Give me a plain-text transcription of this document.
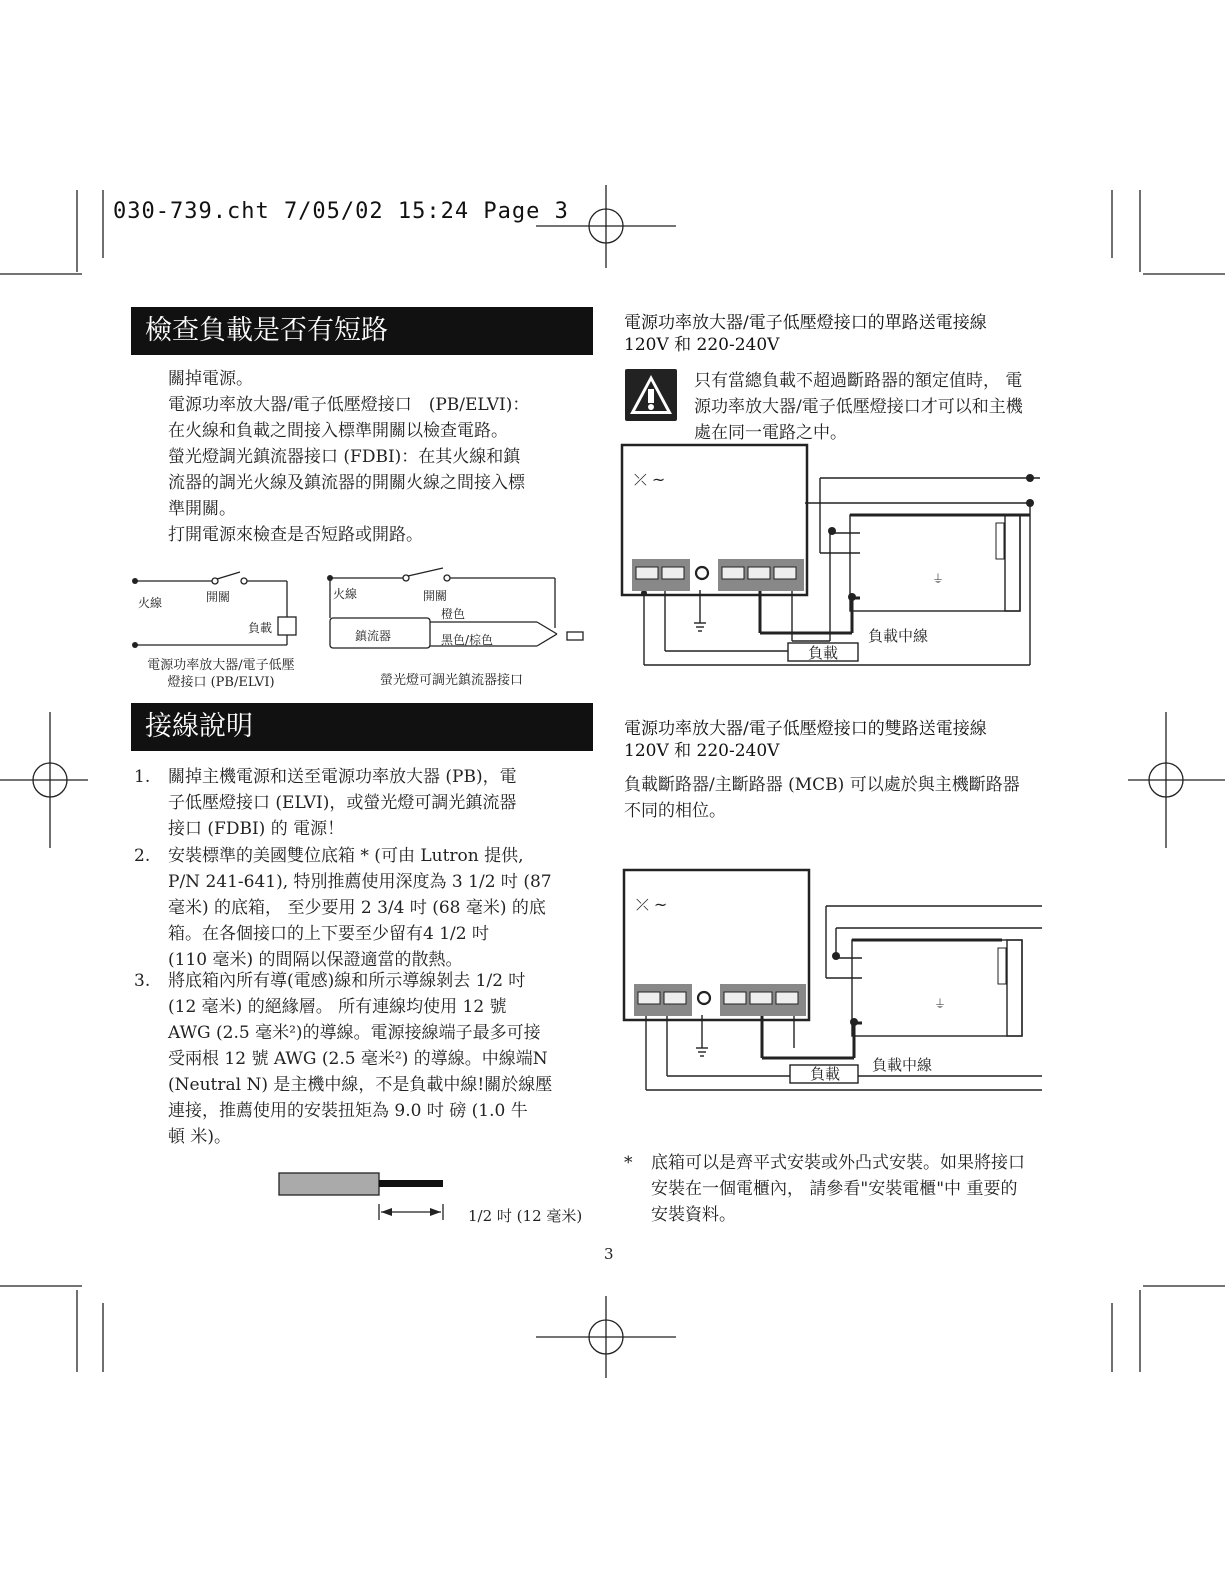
030-739.cht 7/05/02 15:24 Page 3
檢查負載是否有短路
關掉電源。
電源功率放大器/電子低壓燈接口　(PB/ELVI)：
在火線和負載之間接入標準開關以檢查電路。
螢光燈調光鎮流器接口 (FDBI)：在其火線和鎮
流器的調光火線及鎮流器的開關火線之間接入標
準開關。
打開電源來檢查是否短路或開路。
火線	開關
負載
電源功率放大器/電子低壓
燈接口 (PB/ELVI)
火線	開關
橙色
鎮流器	黑色/棕色
螢光燈可調光鎮流器接口
接線說明
1. 關掉主機電源和送至電源功率放大器 (PB)，電
子低壓燈接口 (ELVI)，或螢光燈可調光鎮流器
接口 (FDBI) 的 電源！
2. 安裝標準的美國雙位底箱 * (可由 Lutron 提供,
P/N 241-641), 特別推薦使用深度為 3 1/2 吋 (87
毫米) 的底箱， 至少要用 2 3/4 吋 (68 毫米) 的底
箱。在各個接口的上下要至少留有4 1/2 吋
(110 毫米) 的間隔以保證適當的散熱。
3. 將底箱內所有導(電感)線和所示導線剝去 1/2 吋
(12 毫米) 的絕緣層。 所有連線均使用 12 號
AWG (2.5 毫米²)的導線。電源接線端子最多可接
受兩根 12 號 AWG (2.5 毫米²) 的導線。中線端N
(Neutral N) 是主機中線，不是負載中線!關於線壓
連接，推薦使用的安裝扭矩為 9.0 吋 磅 (1.0 牛
頓 米)。
1/2 吋 (12 毫米)
電源功率放大器/電子低壓燈接口的單路送電接線
120V 和 220-240V
只有當總負載不超過斷路器的額定值時， 電
源功率放大器/電子低壓燈接口才可以和主機
處在同一電路之中。
⤫ ~
⏚
負載中線
負載
電源功率放大器/電子低壓燈接口的雙路送電接線
120V 和 220-240V
負載斷路器/主斷路器 (MCB) 可以處於與主機斷路器
不同的相位。
⤫ ~
⏚
負載中線
負載
* 底箱可以是齊平式安裝或外凸式安裝。如果將接口
安裝在一個電櫃內， 請參看"安裝電櫃"中 重要的
安裝資料。
3
